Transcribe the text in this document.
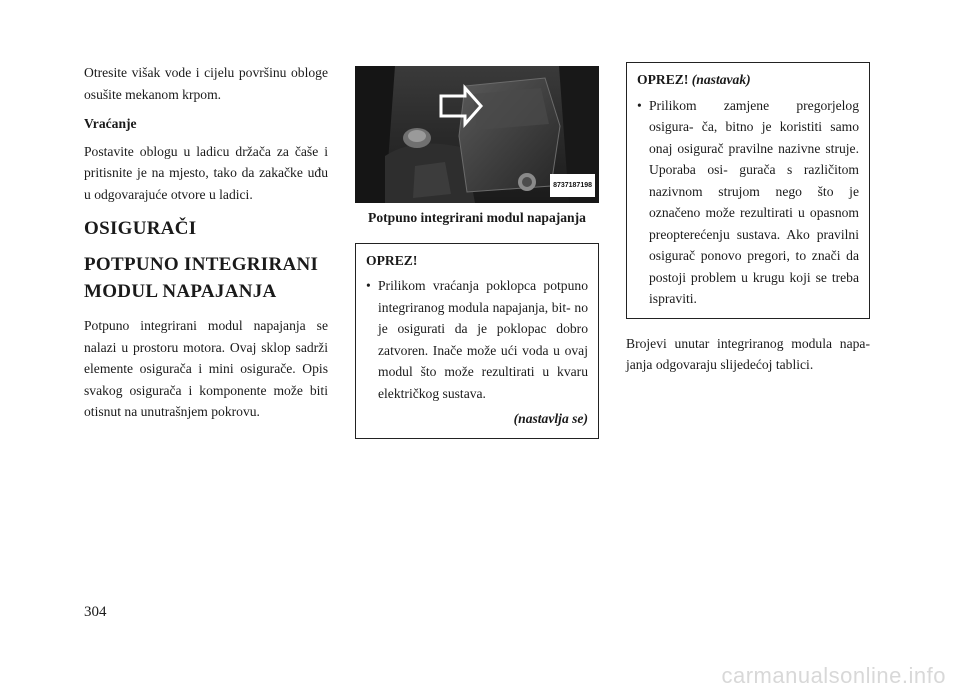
Otresite višak vode i cijelu površinu obloge osušite mekanom krpom.

Vraćanje

Postavite oblogu u ladicu držača za čaše i pritisnite je na mjesto, tako da zakačke uđu u odgovarajuće otvore u ladici.

OSIGURAČI
POTPUNO INTEGRIRANI MODUL NAPAJANJA

Potpuno integrirani modul napajanja se nalazi u prostoru motora. Ovaj sklop sadrži elemente osigurača i mini osigurače. Opis svakog osigurača i komponente može biti otisnut na unutrašnjem pokrovu.

8737187198
Potpuno integrirani modul napajanja
OPREZ!
• Prilikom vraćanja poklopca potpuno integriranog modula napajanja, bit- no je osigurati da je poklopac dobro zatvoren. Inače može ući voda u ovaj modul što može rezultirati u kvaru električkog sustava.
(nastavlja se)
OPREZ! (nastavak)
• Prilikom zamjene pregorjelog osigura- ča, bitno je koristiti samo onaj osigurač pravilne nazivne struje. Uporaba osi- gurača s različitom nazivnom strujom nego što je označeno može rezultirati u opasnom preopterećenju sustava. Ako pravilni osigurač ponovo pregori, to znači da postoji problem u krugu koji se treba ispraviti.

Brojevi unutar integriranog modula napa- janja odgovaraju slijedećoj tablici.

304
carmanualsonline.info
